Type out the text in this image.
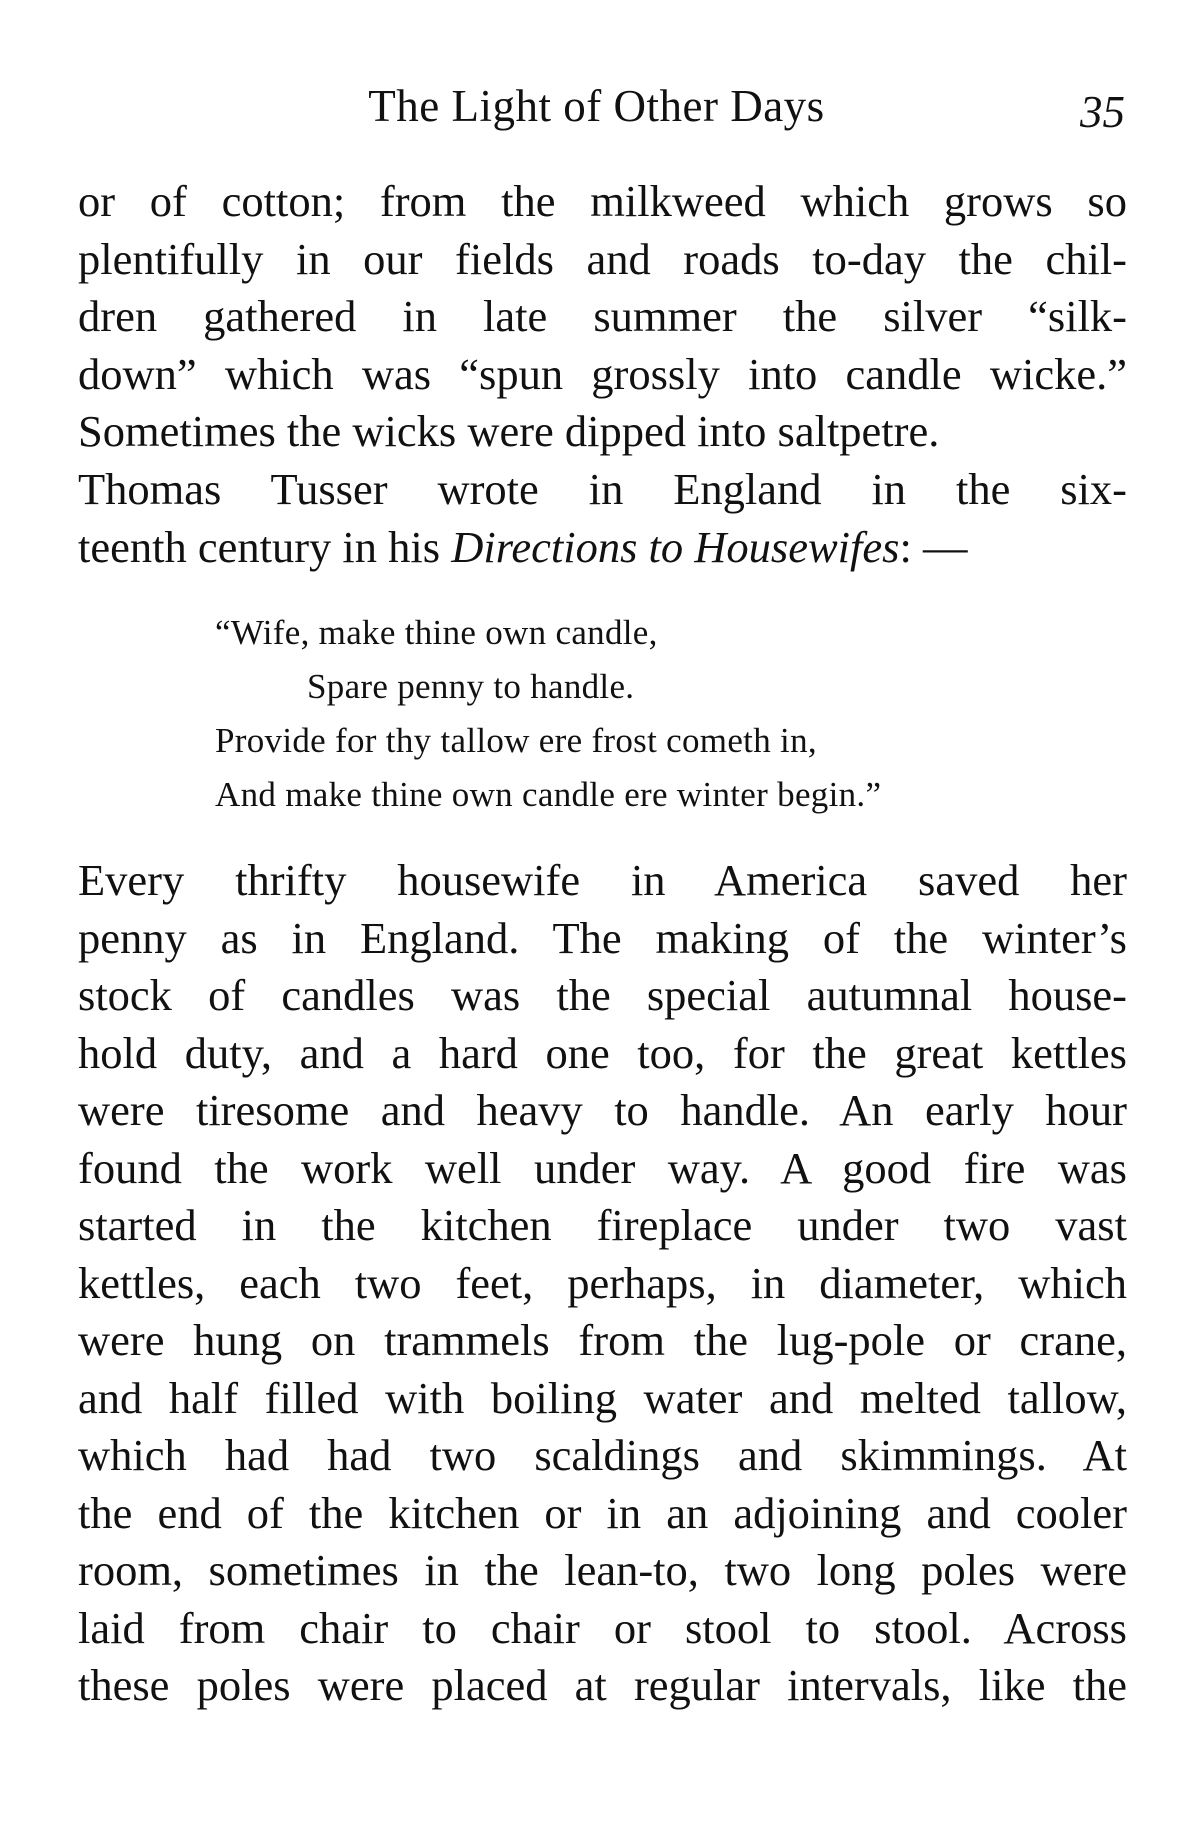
The Light of Other Days	35
or of cotton; from the milkweed which grows so
plentifully in our fields and roads to-day the chil-
dren gathered in late summer the silver “silk-
down” which was “spun grossly into candle wicke.”
Sometimes the wicks were dipped into saltpetre.
Thomas Tusser wrote in England in the six-
teenth century in his Directions to Housewifes: —
“Wife, make thine own candle,
Spare penny to handle.
Provide for thy tallow ere frost cometh in,
And make thine own candle ere winter begin.”
Every thrifty housewife in America saved her
penny as in England. The making of the winter’s
stock of candles was the special autumnal house-
hold duty, and a hard one too, for the great kettles
were tiresome and heavy to handle. An early hour
found the work well under way. A good fire was
started in the kitchen fireplace under two vast
kettles, each two feet, perhaps, in diameter, which
were hung on trammels from the lug-pole or crane,
and half filled with boiling water and melted tallow,
which had had two scaldings and skimmings. At
the end of the kitchen or in an adjoining and cooler
room, sometimes in the lean-to, two long poles were
laid from chair to chair or stool to stool. Across
these poles were placed at regular intervals, like the
